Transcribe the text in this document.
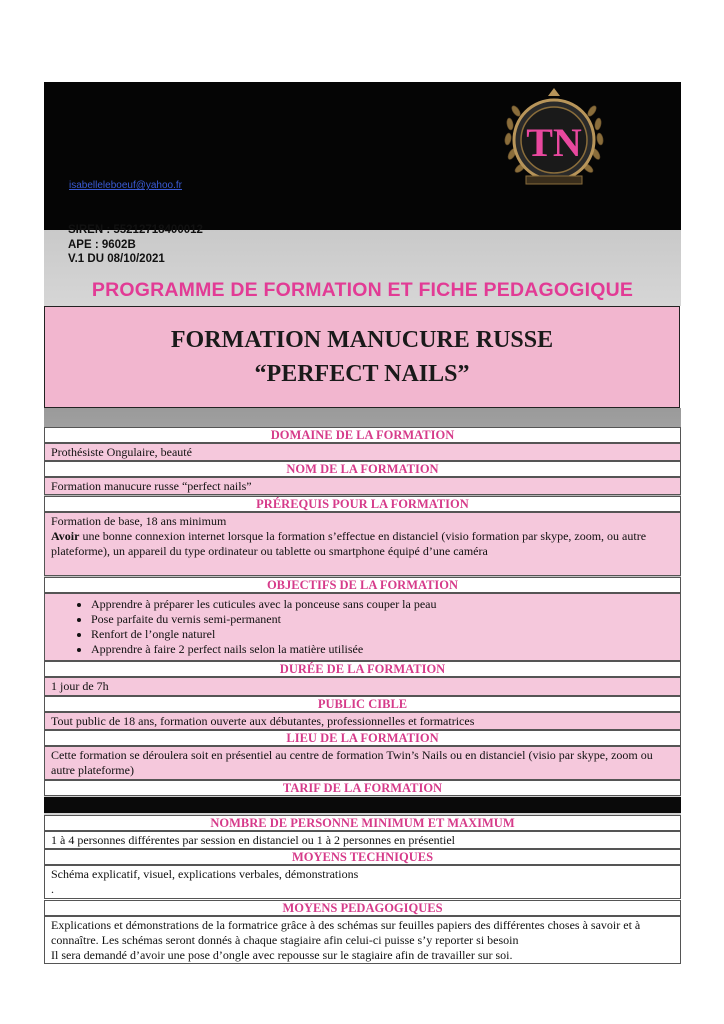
isabelleleboeuf@yahoo.fr
TN
SIREN : 55212718400012
APE : 9602B
V.1 DU 08/10/2021
PROGRAMME DE FORMATION ET FICHE PEDAGOGIQUE
FORMATION MANUCURE RUSSE
“PERFECT NAILS”
DOMAINE DE LA FORMATION
Prothésiste Ongulaire, beauté
NOM DE LA FORMATION
Formation manucure russe “perfect nails”
PRÉREQUIS POUR LA FORMATION
Formation de base, 18 ans minimum
Avoir une bonne connexion internet lorsque la formation s’effectue en distanciel (visio formation par skype, zoom, ou autre plateforme), un appareil du type ordinateur ou tablette ou smartphone équipé d’une caméra
OBJECTIFS DE LA FORMATION
• Apprendre à préparer les cuticules avec la ponceuse sans couper la peau
• Pose parfaite du vernis semi-permanent
• Renfort de l’ongle naturel
• Apprendre à faire 2 perfect nails selon la matière utilisée
DURÉE DE LA FORMATION
1 jour de 7h
PUBLIC CIBLE
Tout public de 18 ans, formation ouverte aux débutantes, professionnelles et formatrices
LIEU DE LA FORMATION
Cette formation se déroulera soit en présentiel au centre de formation Twin’s Nails ou en distanciel (visio par skype, zoom ou autre plateforme)
TARIF DE LA FORMATION
NOMBRE DE PERSONNE MINIMUM ET MAXIMUM
1 à 4 personnes différentes par session en distanciel ou 1 à 2 personnes en présentiel
MOYENS TECHNIQUES
Schéma explicatif, visuel, explications verbales, démonstrations
.
MOYENS PEDAGOGIQUES
Explications et démonstrations de la formatrice grâce à des schémas sur feuilles papiers des différentes choses à savoir et à connaître. Les schémas seront donnés à chaque stagiaire afin celui-ci puisse s’y reporter si besoin
Il sera demandé d’avoir une pose d’ongle avec repousse sur le stagiaire afin de travailler sur soi.
